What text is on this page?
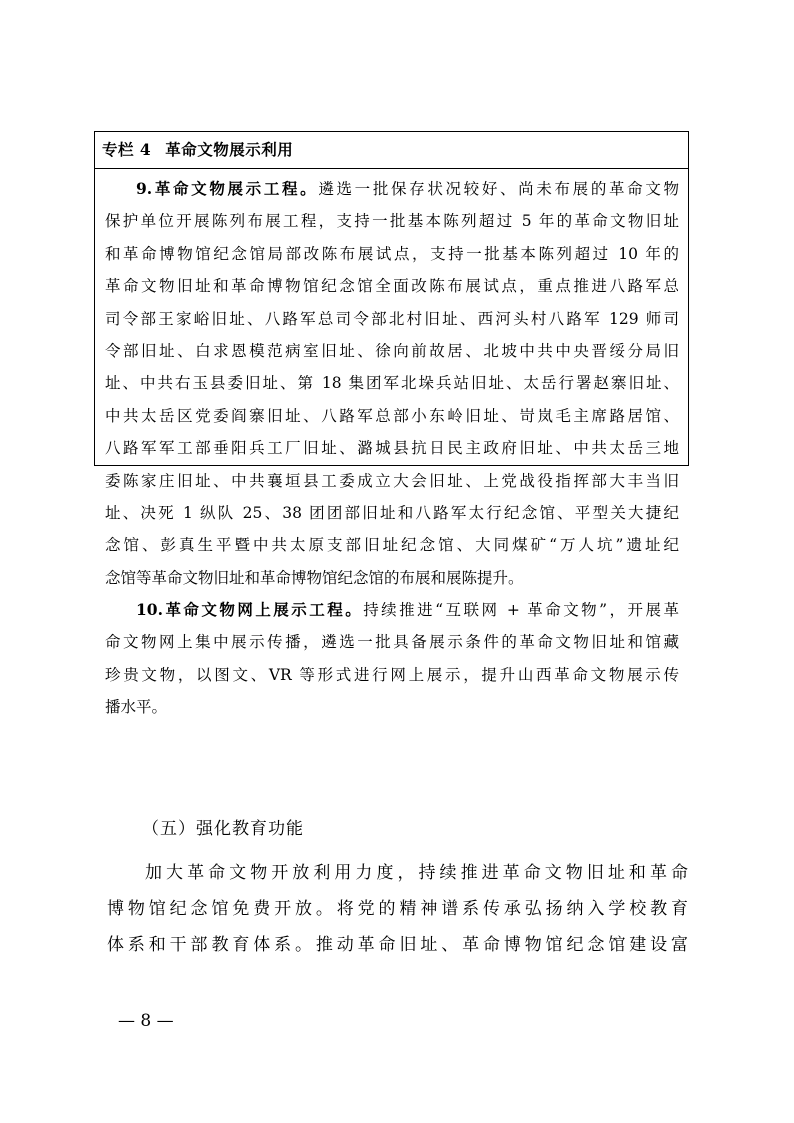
专栏 4 革命文物展示利用
9.革命文物展示工程。遴选一批保存状况较好、尚未布展的革命文物
保护单位开展陈列布展工程，支持一批基本陈列超过 5 年的革命文物旧址
和革命博物馆纪念馆局部改陈布展试点，支持一批基本陈列超过 10 年的
革命文物旧址和革命博物馆纪念馆全面改陈布展试点，重点推进八路军总
司令部王家峪旧址、八路军总司令部北村旧址、西河头村八路军 129 师司
令部旧址、白求恩模范病室旧址、徐向前故居、北坡中共中央晋绥分局旧
址、中共右玉县委旧址、第 18 集团军北垛兵站旧址、太岳行署赵寨旧址、
中共太岳区党委阎寨旧址、八路军总部小东岭旧址、岢岚毛主席路居馆、
八路军军工部垂阳兵工厂旧址、潞城县抗日民主政府旧址、中共太岳三地
委陈家庄旧址、中共襄垣县工委成立大会旧址、上党战役指挥部大丰当旧
址、决死 1 纵队 25、38 团团部旧址和八路军太行纪念馆、平型关大捷纪
念馆、彭真生平暨中共太原支部旧址纪念馆、大同煤矿“万人坑”遗址纪
念馆等革命文物旧址和革命博物馆纪念馆的布展和展陈提升。
10.革命文物网上展示工程。持续推进“互联网 + 革命文物”，开展革
命文物网上集中展示传播，遴选一批具备展示条件的革命文物旧址和馆藏
珍贵文物，以图文、VR 等形式进行网上展示，提升山西革命文物展示传
播水平。
（五）强化教育功能
加大革命文物开放利用力度，持续推进革命文物旧址和革命
博物馆纪念馆免费开放。将党的精神谱系传承弘扬纳入学校教育
体系和干部教育体系。推动革命旧址、革命博物馆纪念馆建设富
— 8 —
